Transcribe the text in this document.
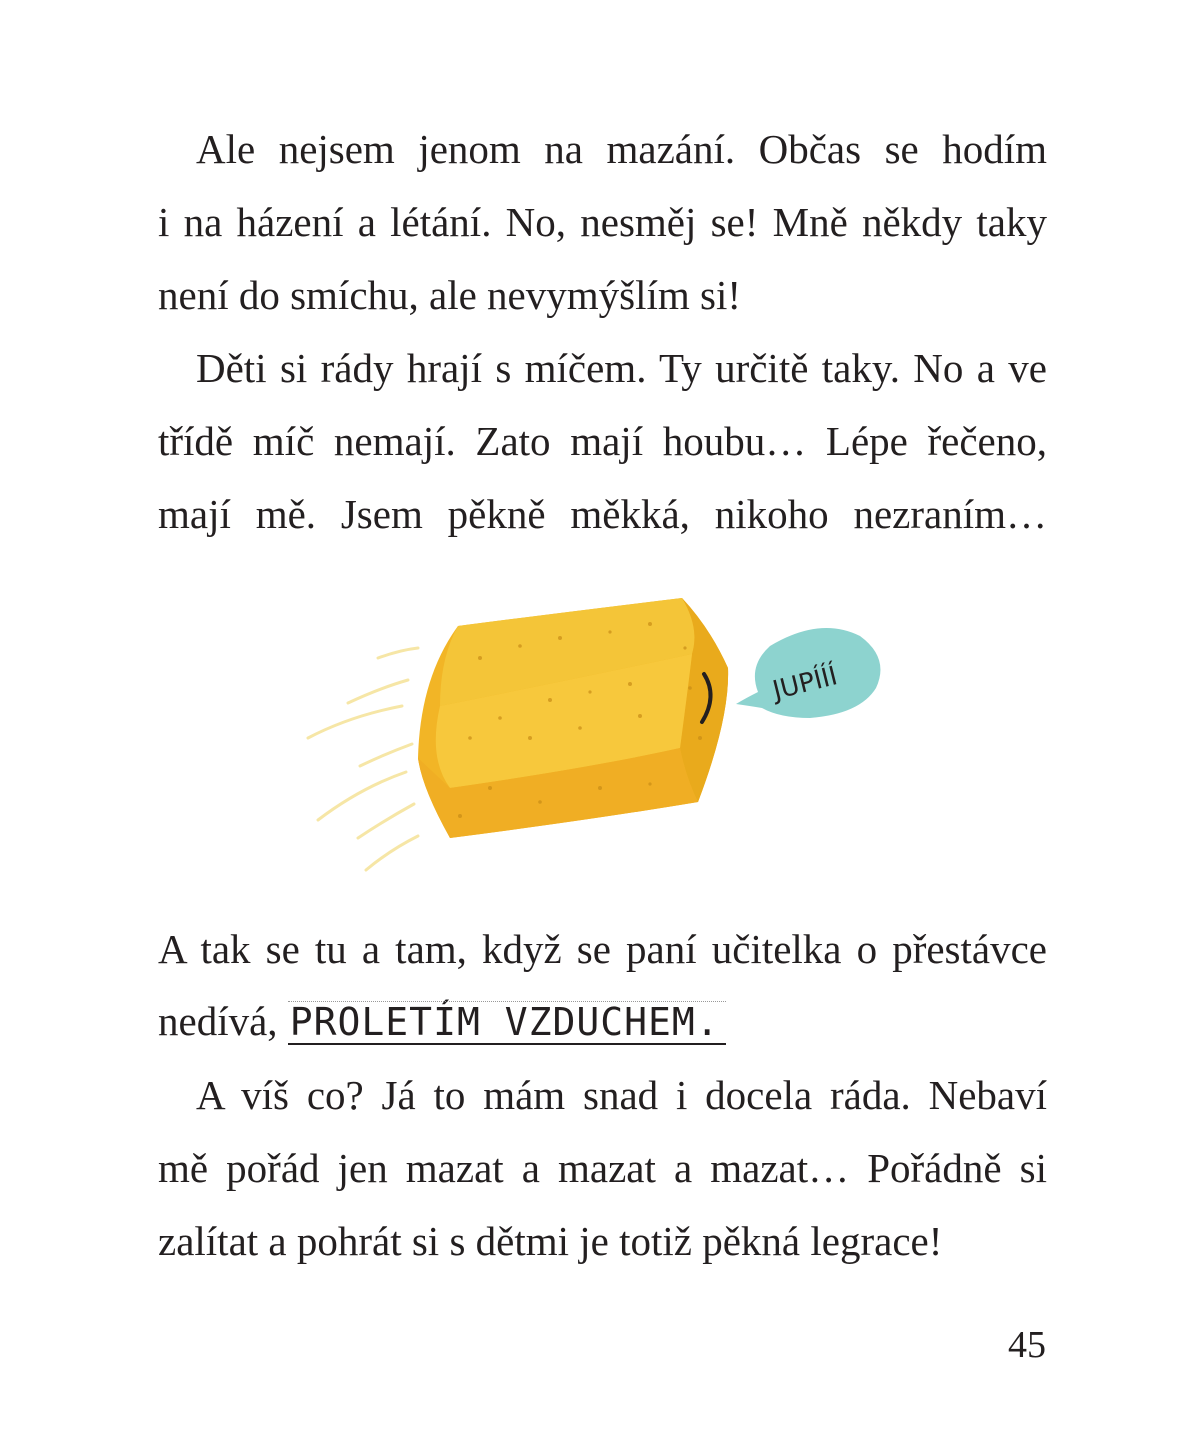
Ale nejsem jenom na mazání. Občas se hodím
i na házení a létání. No, nesměj se! Mně někdy taky
není do smíchu, ale nevymýšlím si!
Děti si rády hrají s míčem. Ty určitě taky. No a ve
třídě míč nemají. Zato mají houbu… Lépe řečeno,
mají mě. Jsem pěkně měkká, nikoho nezraním…
JUPÍÍÍ
A tak se tu a tam, když se paní učitelka o přestávce
nedívá, PROLETÍM VZDUCHEM.
A víš co? Já to mám snad i docela ráda. Nebaví
mě pořád jen mazat a mazat a mazat… Pořádně si
zalítat a pohrát si s dětmi je totiž pěkná legrace!
45
